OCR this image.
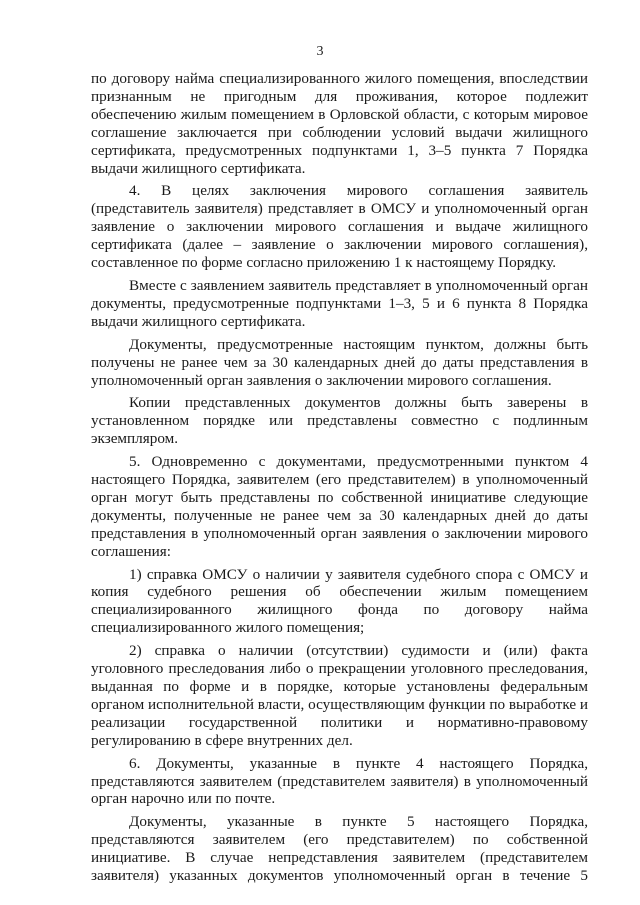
3

по договору найма специализированного жилого помещения, впоследствии признанным не пригодным для проживания, которое подлежит обеспечению жилым помещением в Орловской области, с которым мировое соглашение заключается при соблюдении условий выдачи жилищного сертификата, предусмотренных подпунктами 1, 3–5 пункта 7 Порядка выдачи жилищного сертификата.

4. В целях заключения мирового соглашения заявитель (представитель заявителя) представляет в ОМСУ и уполномоченный орган заявление о заключении мирового соглашения и выдаче жилищного сертификата (далее – заявление о заключении мирового соглашения), составленное по форме согласно приложению 1 к настоящему Порядку.

Вместе с заявлением заявитель представляет в уполномоченный орган документы, предусмотренные подпунктами 1–3, 5 и 6 пункта 8 Порядка выдачи жилищного сертификата.

Документы, предусмотренные настоящим пунктом, должны быть получены не ранее чем за 30 календарных дней до даты представления в уполномоченный орган заявления о заключении мирового соглашения.

Копии представленных документов должны быть заверены в установленном порядке или представлены совместно с подлинным экземпляром.

5. Одновременно с документами, предусмотренными пунктом 4 настоящего Порядка, заявителем (его представителем) в уполномоченный орган могут быть представлены по собственной инициативе следующие документы, полученные не ранее чем за 30 календарных дней до даты представления в уполномоченный орган заявления о заключении мирового соглашения:

1) справка ОМСУ о наличии у заявителя судебного спора с ОМСУ и копия судебного решения об обеспечении жилым помещением специализированного жилищного фонда по договору найма специализированного жилого помещения;

2) справка о наличии (отсутствии) судимости и (или) факта уголовного преследования либо о прекращении уголовного преследования, выданная по форме и в порядке, которые установлены федеральным органом исполнительной власти, осуществляющим функции по выработке и реализации государственной политики и нормативно-правовому регулированию в сфере внутренних дел.

6. Документы, указанные в пункте 4 настоящего Порядка, представляются заявителем (представителем заявителя) в уполномоченный орган нарочно или по почте.

Документы, указанные в пункте 5 настоящего Порядка, представляются заявителем (его представителем) по собственной инициативе. В случае непредставления заявителем (представителем заявителя) указанных документов уполномоченный орган в течение 5
